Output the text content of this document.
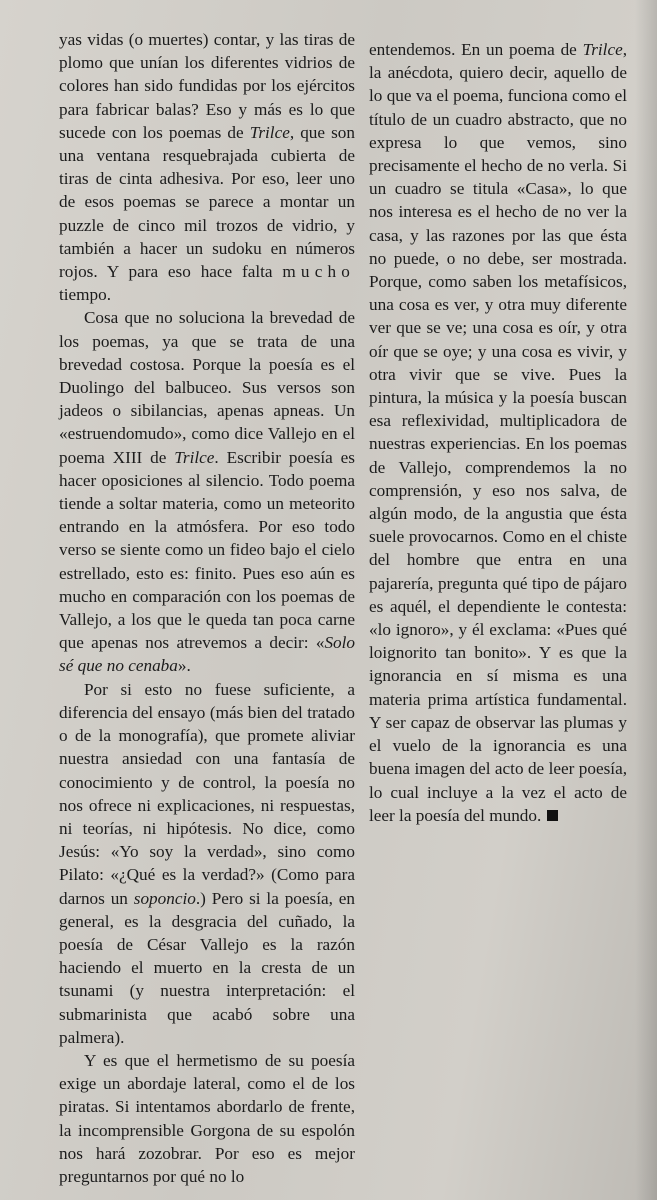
yas vidas (o muertes) contar, y las tiras de plomo que unían los diferentes vidrios de colores han sido fundidas por los ejércitos para fabricar balas? Eso y más es lo que sucede con los poemas de Trilce, que son una ventana resquebrajada cubierta de tiras de cinta adhesiva. Por eso, leer uno de esos poemas se parece a montar un puzzle de cinco mil trozos de vidrio, y también a hacer un sudoku en números rojos. Y para eso hace falta mucho tiempo.

Cosa que no soluciona la brevedad de los poemas, ya que se trata de una brevedad costosa. Porque la poesía es el Duolingo del balbuceo. Sus versos son jadeos o sibilancias, apenas apneas. Un «estruendomudo», como dice Vallejo en el poema XIII de Trilce. Escribir poesía es hacer oposiciones al silencio. Todo poema tiende a soltar materia, como un meteorito entrando en la atmósfera. Por eso todo verso se siente como un fideo bajo el cielo estrellado, esto es: finito. Pues eso aún es mucho en comparación con los poemas de Vallejo, a los que le queda tan poca carne que apenas nos atrevemos a decir: «Solo sé que no cenaba».

Por si esto no fuese suficiente, a diferencia del ensayo (más bien del tratado o de la monografía), que promete aliviar nuestra ansiedad con una fantasía de conocimiento y de control, la poesía no nos ofrece ni explicaciones, ni respuestas, ni teorías, ni hipótesis. No dice, como Jesús: «Yo soy la verdad», sino como Pilato: «¿Qué es la verdad?» (Como para darnos un soponcio.) Pero si la poesía, en general, es la desgracia del cuñado, la poesía de César Vallejo es la razón haciendo el muerto en la cresta de un tsunami (y nuestra interpretación: el submarinista que acabó sobre una palmera).

Y es que el hermetismo de su poesía exige un abordaje lateral, como el de los piratas. Si intentamos abordarlo de frente, la incomprensible Gorgona de su espolón nos hará zozobrar. Por eso es mejor preguntarnos por qué no lo

entendemos. En un poema de Trilce, la anécdota, quiero decir, aquello de lo que va el poema, funciona como el título de un cuadro abstracto, que no expresa lo que vemos, sino precisamente el hecho de no verla. Si un cuadro se titula «Casa», lo que nos interesa es el hecho de no ver la casa, y las razones por las que ésta no puede, o no debe, ser mostrada. Porque, como saben los metafísicos, una cosa es ver, y otra muy diferente ver que se ve; una cosa es oír, y otra oír que se oye; y una cosa es vivir, y otra vivir que se vive. Pues la pintura, la música y la poesía buscan esa reflexividad, multiplicadora de nuestras experiencias. En los poemas de Vallejo, comprendemos la no comprensión, y eso nos salva, de algún modo, de la angustia que ésta suele provocarnos. Como en el chiste del hombre que entra en una pajarería, pregunta qué tipo de pájaro es aquél, el dependiente le contesta: «lo ignoro», y él exclama: «Pues qué loignorito tan bonito». Y es que la ignorancia en sí misma es una materia prima artística fundamental. Y ser capaz de observar las plumas y el vuelo de la ignorancia es una buena imagen del acto de leer poesía, lo cual incluye a la vez el acto de leer la poesía del mundo.
